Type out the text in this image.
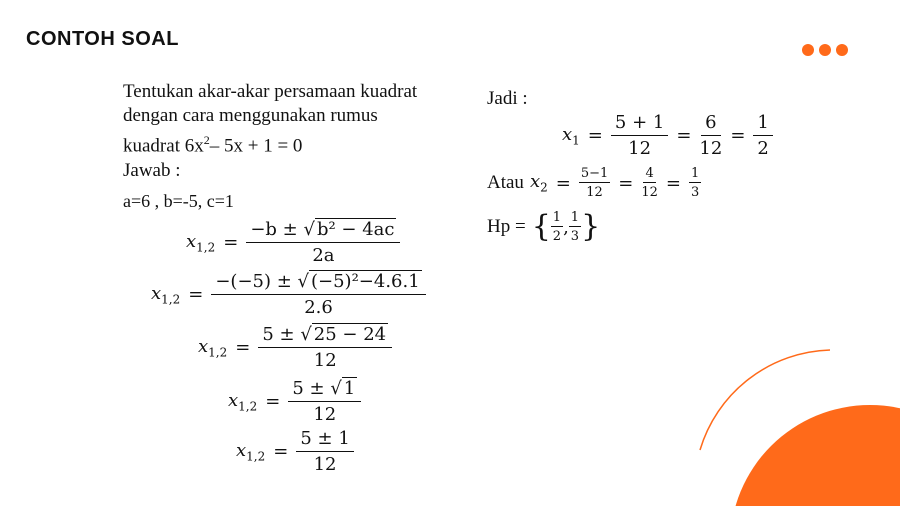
CONTOH SOAL
Tentukan akar-akar persamaan kuadrat
dengan cara menggunakan rumus
kuadrat $6x^2-$ 5x + 1 = 0
Jawab :
a=6 , b=-5, c=1
$x_{1,2} = \frac{\text{−b ± √ b² − 4ac}}{2a}$
$x_{1,2} = \frac{\text{−(−5) ± √ (−5)²−4.6.1}}{2.6}$
$x_{1,2} = \frac{5 \pm √ 25 - 24}{12}$
$x_{1,2} = \frac{5 \pm √ 1}{12}$
$x_{1,2} = \frac{5 \pm 1}{12}$
Jadi :
$x_1 = \frac{5 + 1}{12} = \frac{6}{12} = \frac{1}{2}$
Atau $x_2 = \frac{5-1}{12} = \frac{4}{12} = \frac{1}{3}$
Hp = { $\frac{1}{2}$ , $\frac{1}{3}$ }
